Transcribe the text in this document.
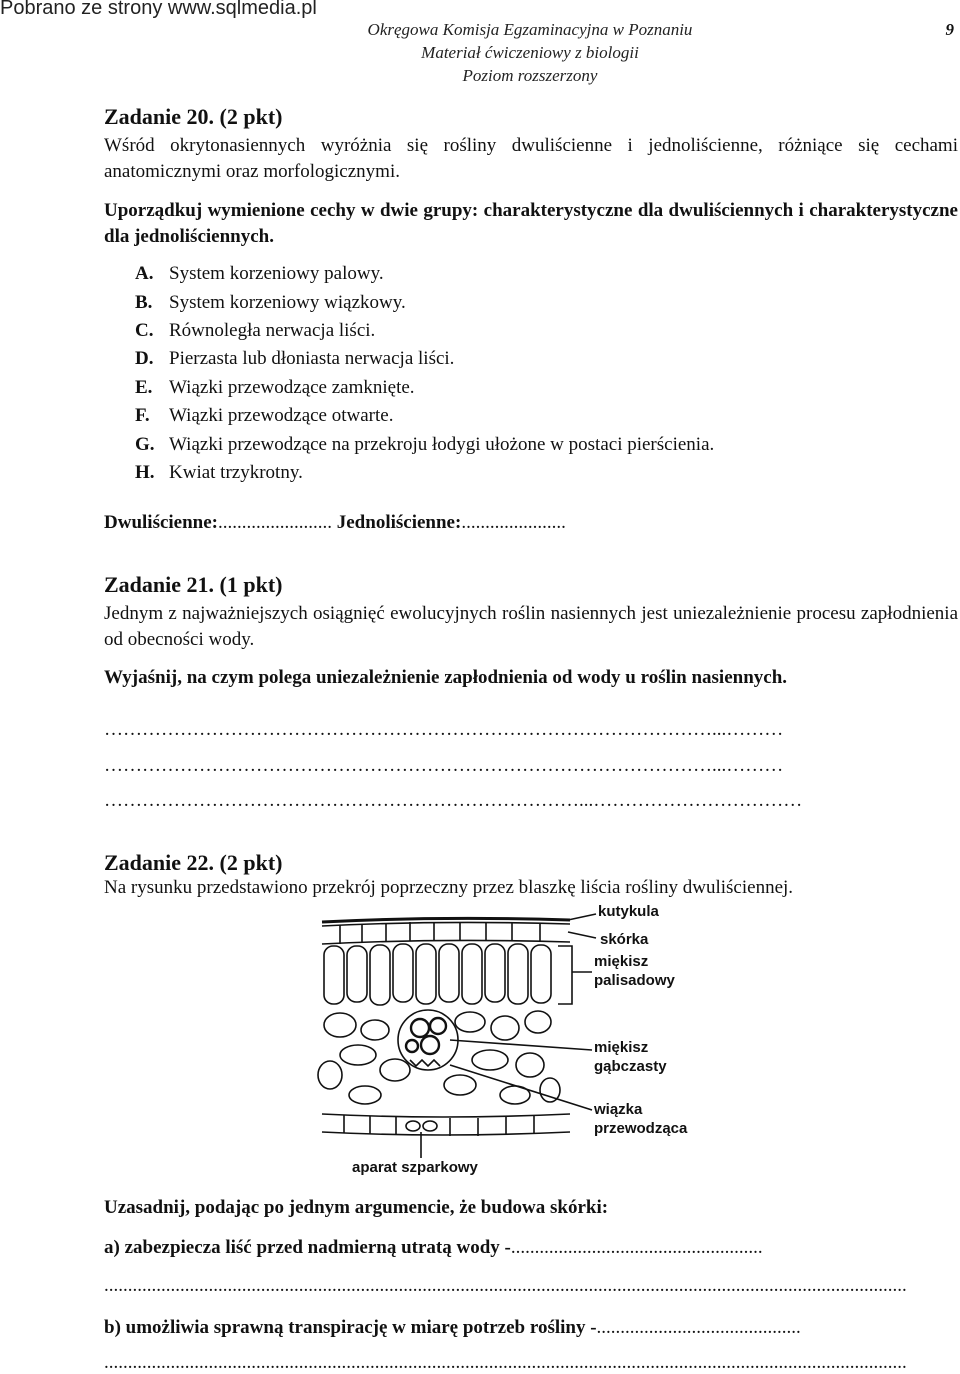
Pobrano ze strony www.sqlmedia.pl
Okręgowa Komisja Egzaminacyjna w Poznaniu
Materiał ćwiczeniowy z biologii
Poziom rozszerzony
9
Zadanie 20. (2 pkt)
Wśród okrytonasiennych wyróżnia się rośliny dwuliścienne i jednoliścienne, różniące się cechami anatomicznymi oraz morfologicznymi.
Uporządkuj wymienione cechy w dwie grupy: charakterystyczne dla dwuliściennych i charakterystyczne dla jednoliściennych.
A. System korzeniowy palowy.
B. System korzeniowy wiązkowy.
C. Równoległa nerwacja liści.
D. Pierzasta lub dłoniasta nerwacja liści.
E. Wiązki przewodzące zamknięte.
F. Wiązki przewodzące otwarte.
G. Wiązki przewodzące na przekroju łodygi ułożone w postaci pierścienia.
H. Kwiat trzykrotny.
Dwuliścienne:........................ Jednoliścienne:......................
Zadanie 21. (1 pkt)
Jednym z najważniejszych osiągnięć ewolucyjnych roślin nasiennych jest uniezależnienie procesu zapłodnienia od obecności wody.
Wyjaśnij, na czym polega uniezależnienie zapłodnienia od wody u roślin nasiennych.
……………………………………………………………………………………...………
……………………………………………………………………………………...………
…………………………………………………………………...……………………………
Zadanie 22. (2 pkt)
Na rysunku przedstawiono przekrój poprzeczny przez blaszkę liścia rośliny dwuliściennej.
kutykula
skórka
miękisz palisadowy
miękisz gąbczasty
wiązka przewodząca
aparat szparkowy
Uzasadnij, podając po jednym argumencie, że budowa skórki:
a) zabezpiecza liść przed nadmierną utratą wody -.....................................................
.........................................................................................................................................................................
b) umożliwia sprawną transpirację w miarę potrzeb rośliny -...........................................
.........................................................................................................................................................................
